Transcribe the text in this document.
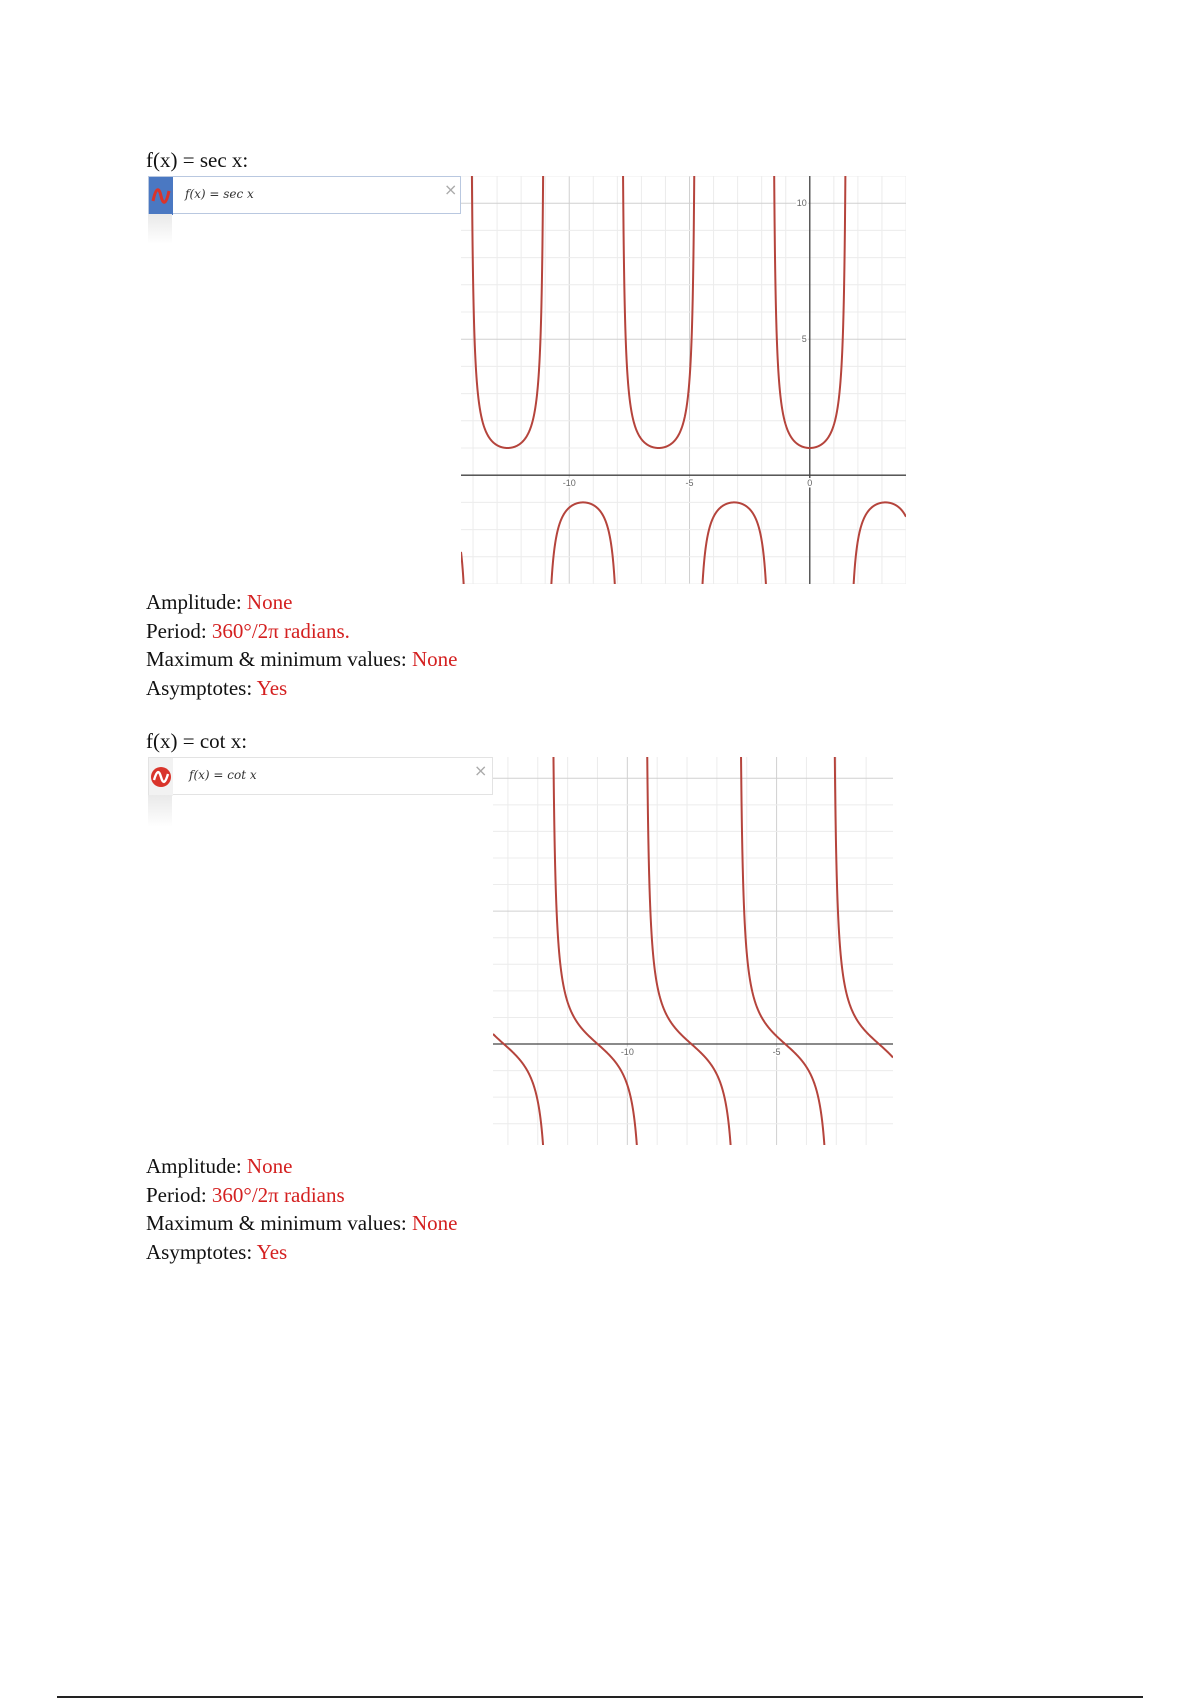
f(x) = sec x:
f(x) = sec x	×
-10	-5	0
5
10
Amplitude: None
Period: 360°/2π radians.
Maximum & minimum values: None
Asymptotes: Yes
f(x) = cot x:
f(x) = cot x	×
-10	-5
Amplitude: None
Period: 360°/2π radians
Maximum & minimum values: None
Asymptotes: Yes
